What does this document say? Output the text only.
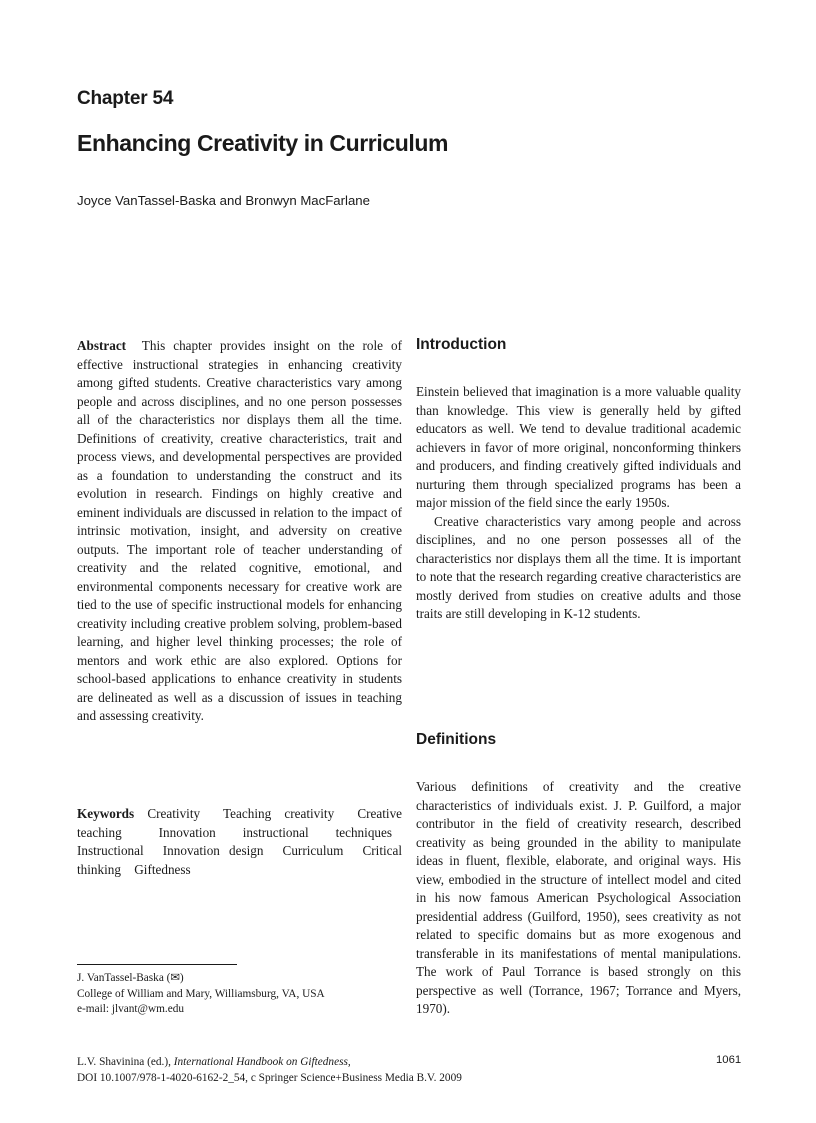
Chapter 54
Enhancing Creativity in Curriculum
Joyce VanTassel-Baska and Bronwyn MacFarlane

Abstract This chapter provides insight on the role of effective instructional strategies in enhancing creativity among gifted students. Creative characteristics vary among people and across disciplines, and no one person possesses all of the characteristics nor displays them all the time. Definitions of creativity, creative characteristics, trait and process views, and developmental perspectives are provided as a foundation to understanding the construct and its evolution in research. Findings on highly creative and eminent individuals are discussed in relation to the impact of intrinsic motivation, insight, and adversity on creative outputs. The important role of teacher understanding of creativity and the related cognitive, emotional, and environmental components necessary for creative work are tied to the use of specific instructional models for enhancing creativity including creative problem solving, problem-based learning, and higher level thinking processes; the role of mentors and work ethic are also explored. Options for school-based applications to enhance creativity in students are delineated as well as a discussion of issues in teaching and assessing creativity.

Keywords Creativity Teaching creativity Creative teaching	Innovation instructional techniques Instructional Innovation design Curriculum Critical thinking Giftedness
J. VanTassel-Baska (✉)
College of William and Mary, Williamsburg, VA, USA
e-mail: jlvant@wm.edu
Introduction

Einstein believed that imagination is a more valuable quality than knowledge. This view is generally held by gifted educators as well. We tend to devalue traditional academic achievers in favor of more original, nonconforming thinkers and producers, and finding creatively gifted individuals and nurturing them through specialized programs has been a major mission of the field since the early 1950s.

Creative characteristics vary among people and across disciplines, and no one person possesses all of the characteristics nor displays them all the time. It is important to note that the research regarding creative characteristics are mostly derived from studies on creative adults and those traits are still developing in K-12 students.

Definitions

Various definitions of creativity and the creative characteristics of individuals exist. J. P. Guilford, a major contributor in the field of creativity research, described creativity as being grounded in the ability to manipulate ideas in fluent, flexible, elaborate, and original ways. His view, embodied in the structure of intellect model and cited in his now famous American Psychological Association presidential address (Guilford, 1950), sees creativity as not related to specific domains but as more exogenous and transferable in its manifestations of mental manipulations. The work of Paul Torrance is based strongly on this perspective as well (Torrance, 1967; Torrance and Myers, 1970).

L.V. Shavinina (ed.), International Handbook on Giftedness,
DOI 10.1007/978-1-4020-6162-2_54, c Springer Science+Business Media B.V. 2009
1061
